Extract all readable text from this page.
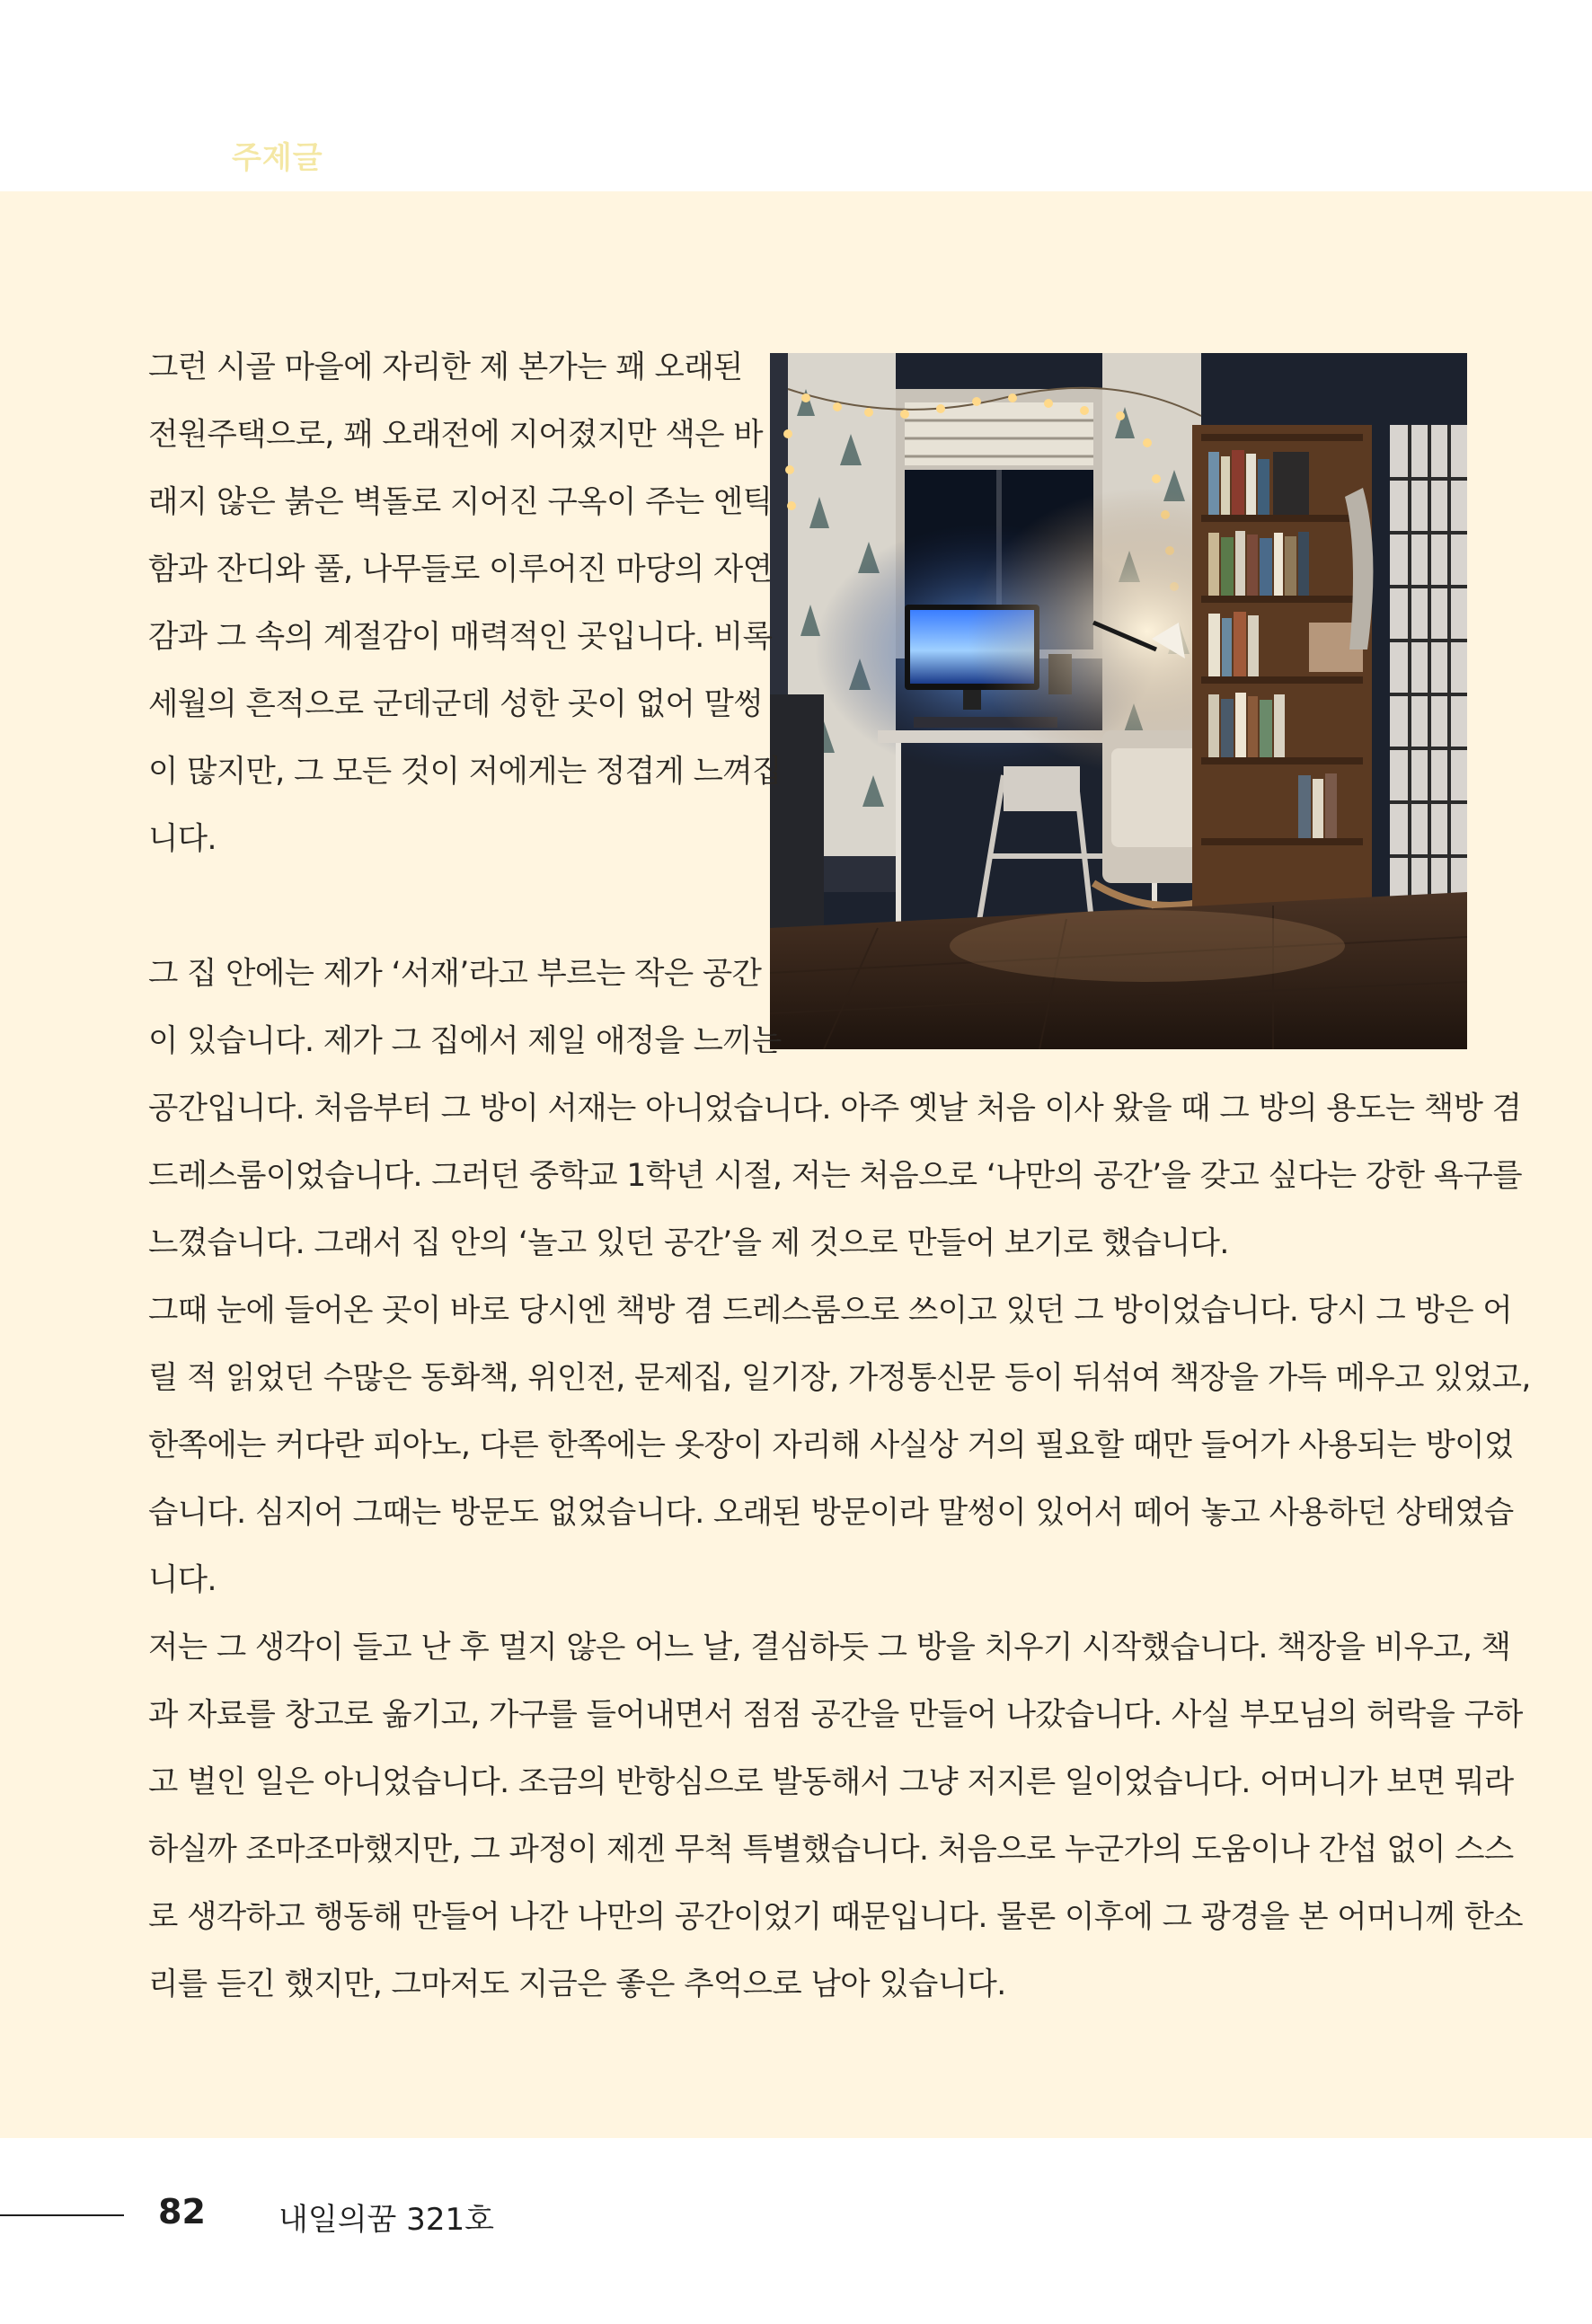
주제글
그런 시골 마을에 자리한 제 본가는 꽤 오래된
전원주택으로, 꽤 오래전에 지어졌지만 색은 바
래지 않은 붉은 벽돌로 지어진 구옥이 주는 엔틱
함과 잔디와 풀, 나무들로 이루어진 마당의 자연
감과 그 속의 계절감이 매력적인 곳입니다. 비록
세월의 흔적으로 군데군데 성한 곳이 없어 말썽
이 많지만, 그 모든 것이 저에게는 정겹게 느껴집
니다.
그 집 안에는 제가 ‘서재’라고 부르는 작은 공간
이 있습니다. 제가 그 집에서 제일 애정을 느끼는
공간입니다. 처음부터 그 방이 서재는 아니었습니다. 아주 옛날 처음 이사 왔을 때 그 방의 용도는 책방 겸
드레스룸이었습니다. 그러던 중학교 1학년 시절, 저는 처음으로 ‘나만의 공간’을 갖고 싶다는 강한 욕구를
느꼈습니다. 그래서 집 안의 ‘놀고 있던 공간’을 제 것으로 만들어 보기로 했습니다.
그때 눈에 들어온 곳이 바로 당시엔 책방 겸 드레스룸으로 쓰이고 있던 그 방이었습니다. 당시 그 방은 어
릴 적 읽었던 수많은 동화책, 위인전, 문제집, 일기장, 가정통신문 등이 뒤섞여 책장을 가득 메우고 있었고,
한쪽에는 커다란 피아노, 다른 한쪽에는 옷장이 자리해 사실상 거의 필요할 때만 들어가 사용되는 방이었
습니다. 심지어 그때는 방문도 없었습니다. 오래된 방문이라 말썽이 있어서 떼어 놓고 사용하던 상태였습
니다.
저는 그 생각이 들고 난 후 멀지 않은 어느 날, 결심하듯 그 방을 치우기 시작했습니다. 책장을 비우고, 책
과 자료를 창고로 옮기고, 가구를 들어내면서 점점 공간을 만들어 나갔습니다. 사실 부모님의 허락을 구하
고 벌인 일은 아니었습니다. 조금의 반항심으로 발동해서 그냥 저지른 일이었습니다. 어머니가 보면 뭐라
하실까 조마조마했지만, 그 과정이 제겐 무척 특별했습니다. 처음으로 누군가의 도움이나 간섭 없이 스스
로 생각하고 행동해 만들어 나간 나만의 공간이었기 때문입니다. 물론 이후에 그 광경을 본 어머니께 한소
리를 듣긴 했지만, 그마저도 지금은 좋은 추억으로 남아 있습니다.
82 내일의꿈 321호
